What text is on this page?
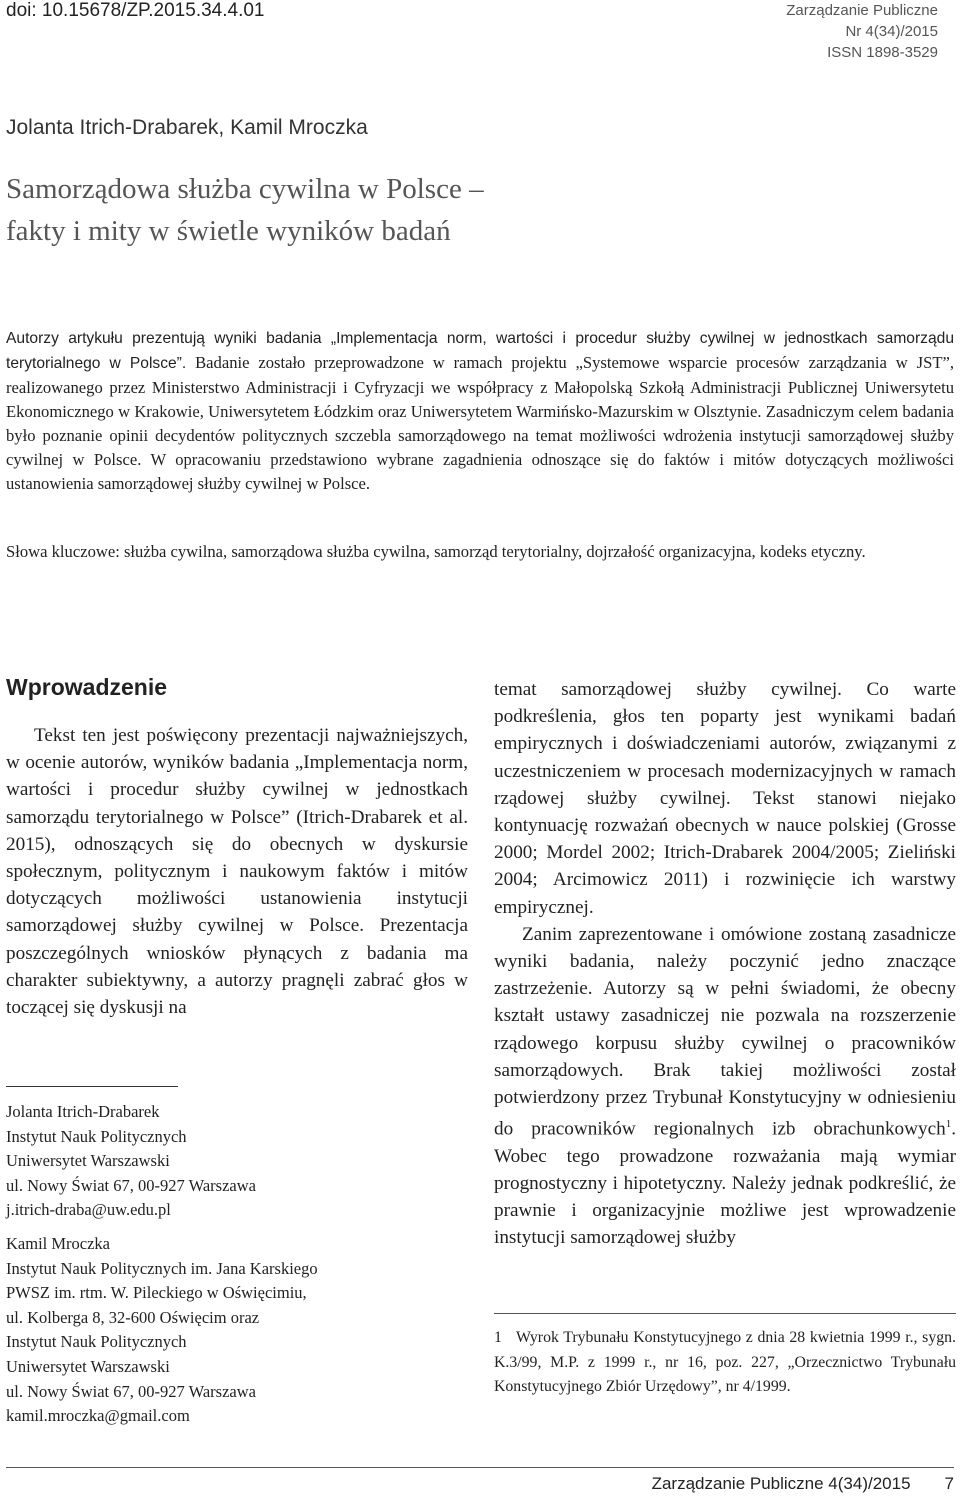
doi: 10.15678/ZP.2015.34.4.01	Zarządzanie Publiczne
Nr 4(34)/2015
ISSN 1898-3529
Jolanta Itrich-Drabarek, Kamil Mroczka
Samorządowa służba cywilna w Polsce –
fakty i mity w świetle wyników badań
Autorzy artykułu prezentują wyniki badania „Implementacja norm, wartości i procedur służby cywilnej w jednostkach samorządu terytorialnego w Polsce”. Badanie zostało przeprowadzone w ramach projektu „Systemowe wsparcie procesów zarządzania w JST”, realizowanego przez Ministerstwo Administracji i Cyfryzacji we współpracy z Małopolską Szkołą Administracji Publicznej Uniwersytetu Ekonomicznego w Krakowie, Uniwersytetem Łódzkim oraz Uniwersytetem Warmińsko-Mazurskim w Olsztynie. Zasadniczym celem badania było poznanie opinii decydentów politycznych szczebla samorządowego na temat możliwości wdrożenia instytucji samorządowej służby cywilnej w Polsce. W opracowaniu przedstawiono wybrane zagadnienia odnoszące się do faktów i mitów dotyczących możliwości ustanowienia samorządowej służby cywilnej w Polsce.
Słowa kluczowe: służba cywilna, samorządowa służba cywilna, samorząd terytorialny, dojrzałość organizacyjna, kodeks etyczny.
Wprowadzenie

Tekst ten jest poświęcony prezentacji najważniejszych, w ocenie autorów, wyników badania „Implementacja norm, wartości i procedur służby cywilnej w jednostkach samorządu terytorialnego w Polsce” (Itrich-Drabarek et al. 2015), odnoszących się do obecnych w dyskursie społecznym, politycznym i naukowym faktów i mitów dotyczących możliwości ustanowienia instytucji samorządowej służby cywilnej w Polsce. Prezentacja poszczególnych wniosków płynących z badania ma charakter subiektywny, a autorzy pragnęli zabrać głos w toczącej się dyskusji na

temat samorządowej służby cywilnej. Co warte podkreślenia, głos ten poparty jest wynikami badań empirycznych i doświadczeniami autorów, związanymi z uczestniczeniem w procesach modernizacyjnych w ramach rządowej służby cywilnej. Tekst stanowi niejako kontynuację rozważań obecnych w nauce polskiej (Grosse 2000; Mordel 2002; Itrich-Drabarek 2004/2005; Zieliński 2004; Arcimowicz 2011) i rozwinięcie ich warstwy empirycznej.

Zanim zaprezentowane i omówione zostaną zasadnicze wyniki badania, należy poczynić jedno znaczące zastrzeżenie. Autorzy są w pełni świadomi, że obecny kształt ustawy zasadniczej nie pozwala na rozszerzenie rządowego korpusu służby cywilnej o pracowników samorządowych. Brak takiej możliwości został potwierdzony przez Trybunał Konstytucyjny w odniesieniu do pracowników regionalnych izb obrachunkowych$^1$. Wobec tego prowadzone rozważania mają wymiar prognostyczny i hipotetyczny. Należy jednak podkreślić, że prawnie i organizacyjnie możliwe jest wprowadzenie instytucji samorządowej służby

Jolanta Itrich-Drabarek
Instytut Nauk Politycznych
Uniwersytet Warszawski
ul. Nowy Świat 67, 00-927 Warszawa
j.itrich-draba@uw.edu.pl
Kamil Mroczka
Instytut Nauk Politycznych im. Jana Karskiego
PWSZ im. rtm. W. Pileckiego w Oświęcimiu,
ul. Kolberga 8, 32-600 Oświęcim oraz
Instytut Nauk Politycznych
Uniwersytet Warszawski
ul. Nowy Świat 67, 00-927 Warszawa
kamil.mroczka@gmail.com
1 Wyrok Trybunału Konstytucyjnego z dnia 28 kwietnia 1999 r., sygn. K.3/99, M.P. z 1999 r., nr 16, poz. 227, „Orzecznictwo Trybunału Konstytucyjnego Zbiór Urzędowy”, nr 4/1999.
Zarządzanie Publiczne 4(34)/2015 7
